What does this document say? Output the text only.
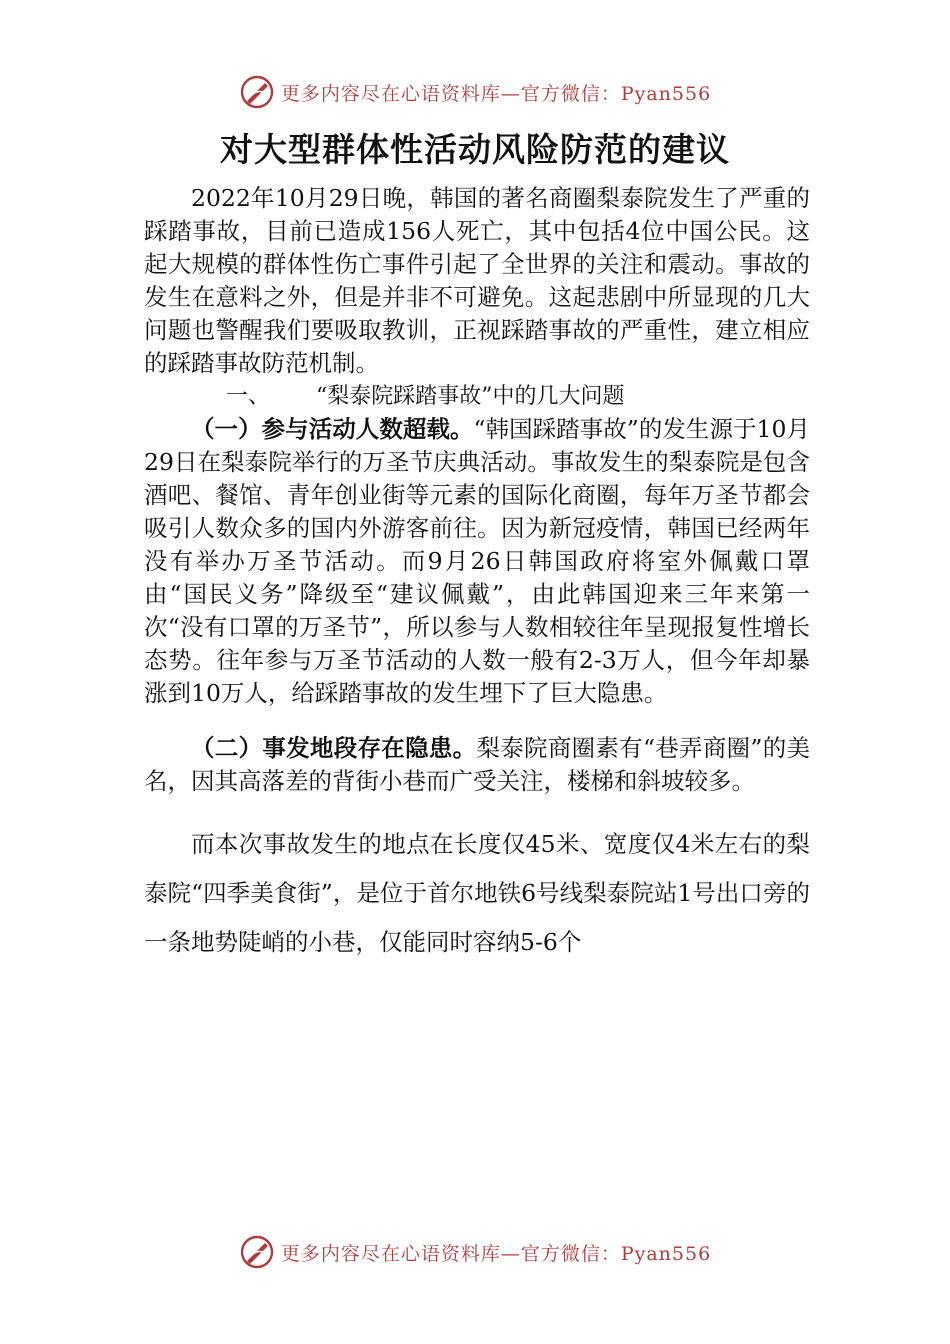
更多内容尽在心语资料库—官方微信：Pyan556
对大型群体性活动风险防范的建议

2022年10月29日晚，韩国的著名商圈梨泰院发生了严重的踩踏事故，目前已造成156人死亡，其中包括4位中国公民。这起大规模的群体性伤亡事件引起了全世界的关注和震动。事故的发生在意料之外，但是并非不可避免。这起悲剧中所显现的几大问题也警醒我们要吸取教训，正视踩踏事故的严重性，建立相应的踩踏事故防范机制。

一、 “梨泰院踩踏事故”中的几大问题

（一）参与活动人数超载。“韩国踩踏事故”的发生源于10月29日在梨泰院举行的万圣节庆典活动。事故发生的梨泰院是包含酒吧、餐馆、青年创业街等元素的国际化商圈，每年万圣节都会吸引人数众多的国内外游客前往。因为新冠疫情，韩国已经两年没有举办万圣节活动。而9月26日韩国政府将室外佩戴口罩由“国民义务”降级至“建议佩戴”，由此韩国迎来三年来第一次“没有口罩的万圣节”，所以参与人数相较往年呈现报复性增长态势。往年参与万圣节活动的人数一般有2-3万人，但今年却暴涨到10万人，给踩踏事故的发生埋下了巨大隐患。

（二）事发地段存在隐患。梨泰院商圈素有“巷弄商圈”的美名，因其高落差的背街小巷而广受关注，楼梯和斜坡较多。

而本次事故发生的地点在长度仅45米、宽度仅4米左右的梨泰院“四季美食街”，是位于首尔地铁6号线梨泰院站1号出口旁的一条地势陡峭的小巷，仅能同时容纳5-6个

更多内容尽在心语资料库—官方微信：Pyan556
